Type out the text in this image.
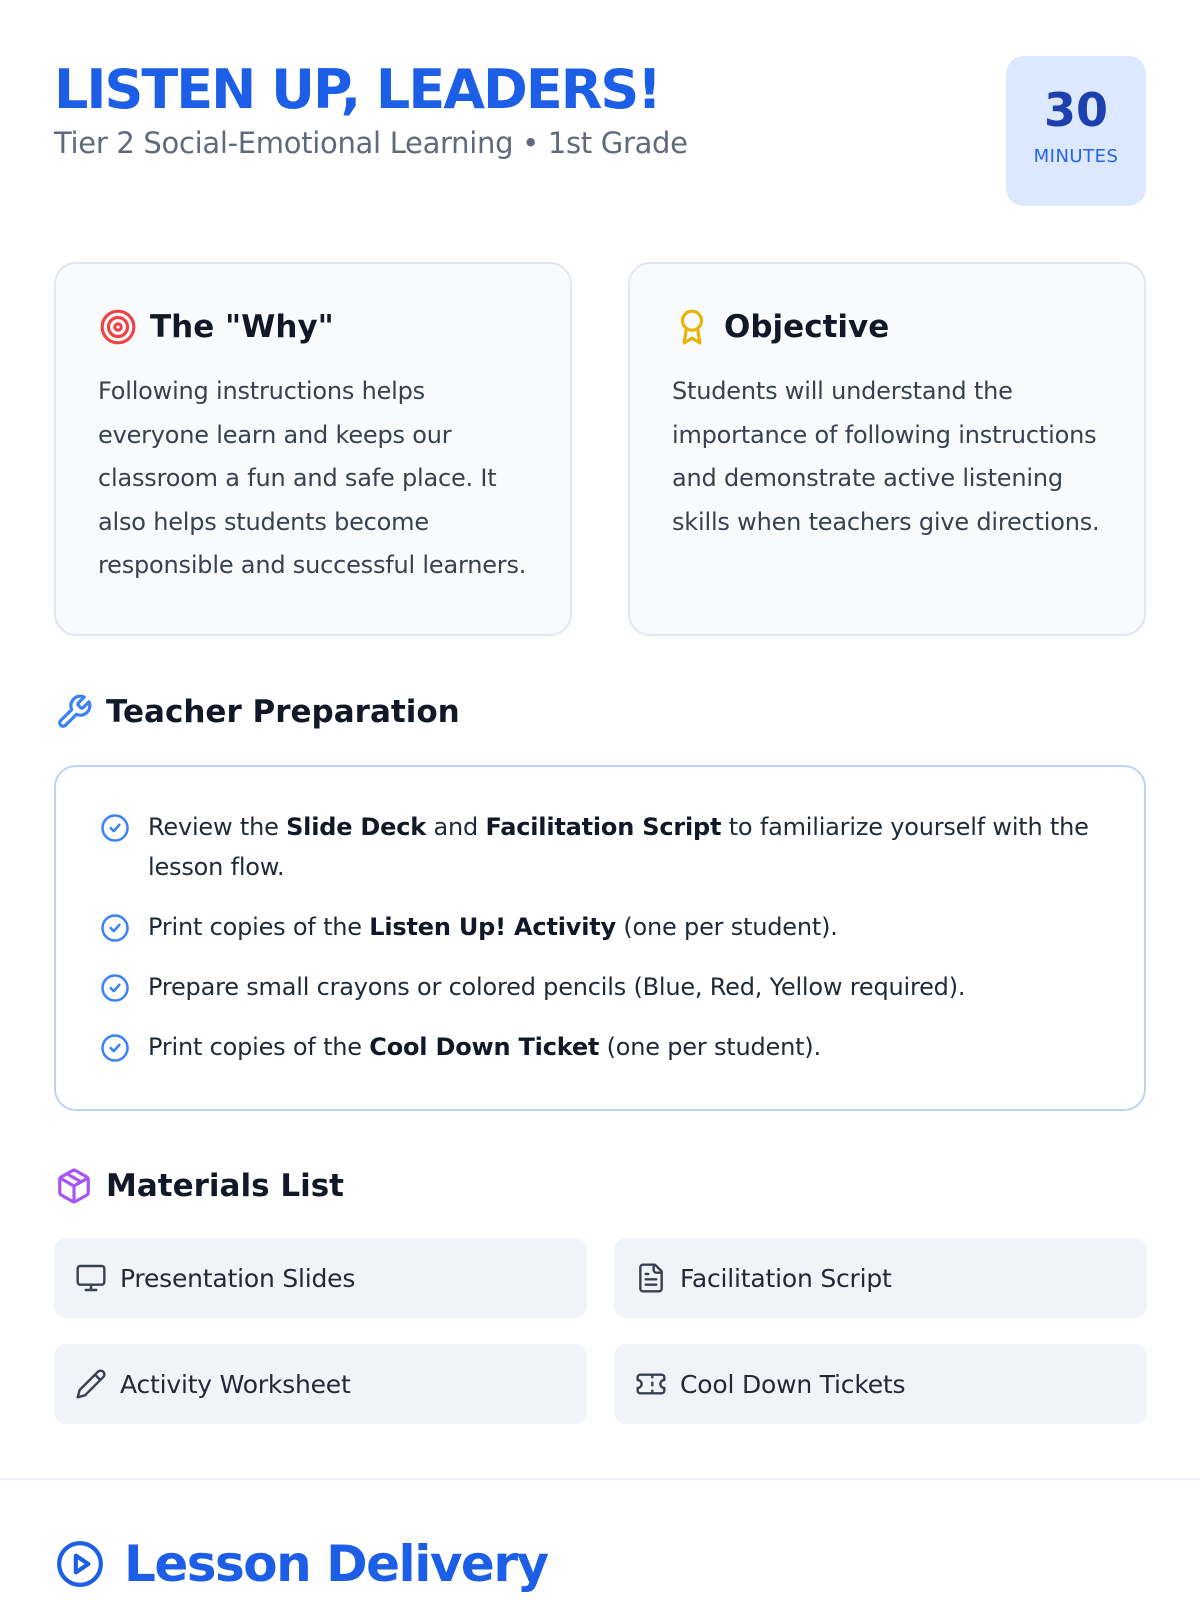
LISTEN UP, LEADERS!
Tier 2 Social-Emotional Learning • 1st Grade
30
MINUTES
The "Why"
Following instructions helps everyone learn and keeps our classroom a fun and safe place. It also helps students become responsible and successful learners.
Objective
Students will understand the importance of following instructions and demonstrate active listening skills when teachers give directions.
Teacher Preparation
Review the Slide Deck and Facilitation Script to familiarize yourself with the lesson flow.
Print copies of the Listen Up! Activity (one per student).
Prepare small crayons or colored pencils (Blue, Red, Yellow required).
Print copies of the Cool Down Ticket (one per student).
Materials List
Presentation Slides	Facilitation Script
Activity Worksheet	Cool Down Tickets
Lesson Delivery
